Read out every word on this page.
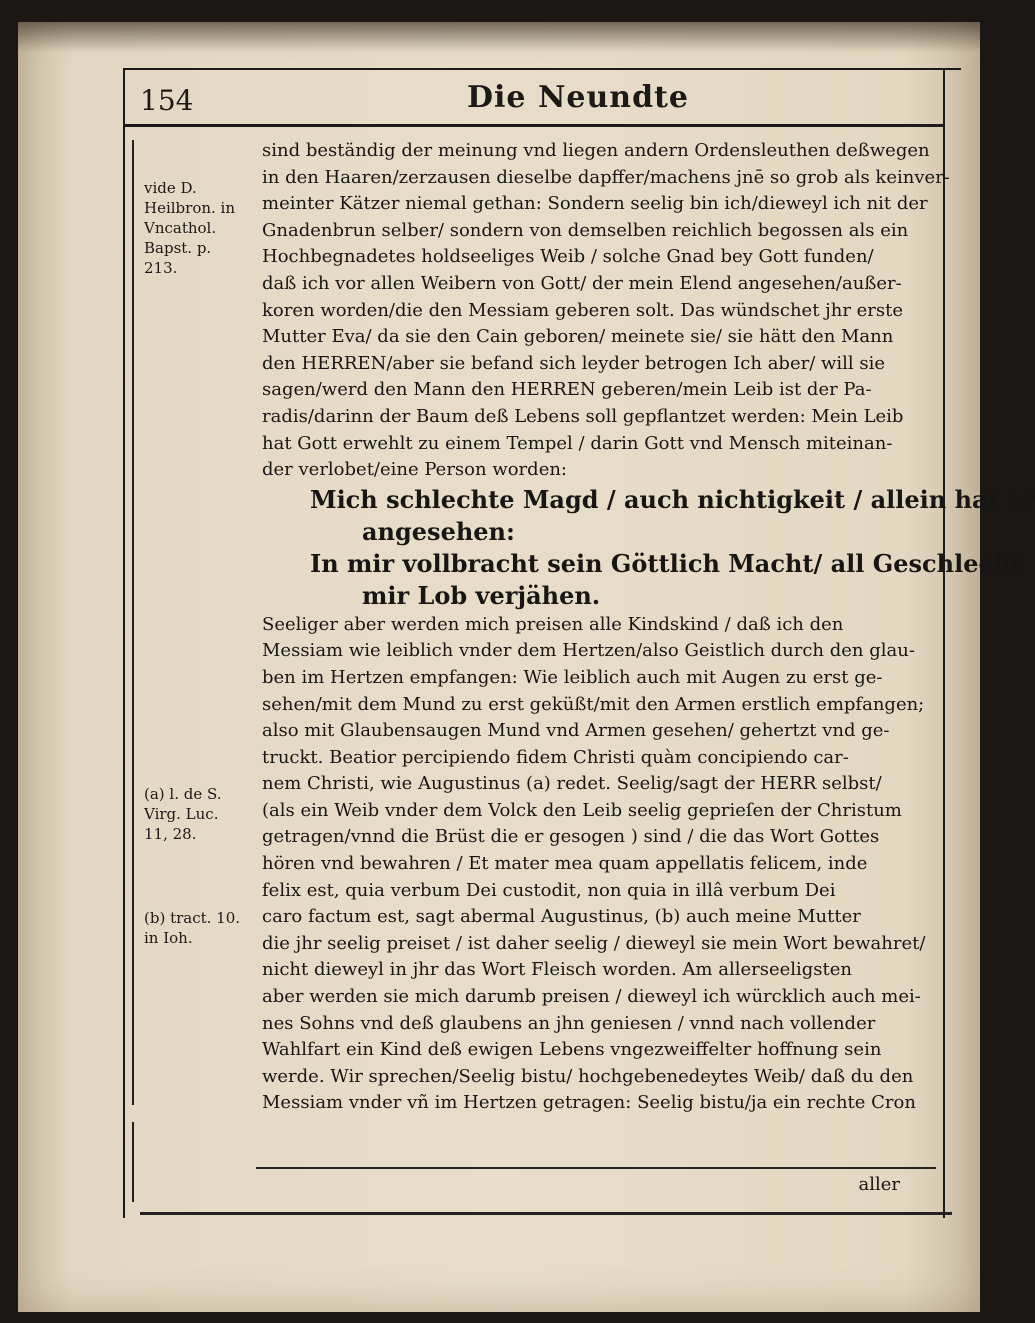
154	Die Neundte
vide D. Heilbron. in Vncathol. Bapst. p. 213.
(a) l. de S. Virg. Luc. 11, 28.
(b) tract. 10. in Ioh.
sind beständig der meinung vnd liegen andern Ordensleuthen deßwegen
in den Haaren/zerzausen dieselbe dapffer/machens jnē so grob als keinver-
meinter Kätzer niemal gethan: Sondern seelig bin ich/dieweyl ich nit der
Gnadenbrun selber/ sondern von demselben reichlich begossen als ein
Hochbegnadetes holdseeliges Weib / solche Gnad bey Gott funden/
daß ich vor allen Weibern von Gott/ der mein Elend angesehen/außer-
koren worden/die den Messiam geberen solt. Das wündschet jhr erste
Mutter Eva/ da sie den Cain geboren/ meinete sie/ sie hätt den Mann
den HERREN/aber sie befand sich leyder betrogen Ich aber/ will sie
sagen/werd den Mann den HERREN geberen/mein Leib ist der Pa-
radis/darinn der Baum deß Lebens soll gepflantzet werden: Mein Leib
hat Gott erwehlt zu einem Tempel / darin Gott vnd Mensch miteinan-
der verlobet/eine Person worden:
Mich schlechte Magd / auch nichtigkeit / allein hat er
angesehen:
In mir vollbracht sein Göttlich Macht/ all Geschlecht
mir Lob verjähen.
Seeliger aber werden mich preisen alle Kindskind / daß ich den
Messiam wie leiblich vnder dem Hertzen/also Geistlich durch den glau-
ben im Hertzen empfangen: Wie leiblich auch mit Augen zu erst ge-
sehen/mit dem Mund zu erst geküßt/mit den Armen erstlich empfangen;
also mit Glaubensaugen Mund vnd Armen gesehen/ gehertzt vnd ge-
truckt. Beatior percipiendo fidem Christi quàm concipiendo car-
nem Christi, wie Augustinus (a) redet. Seelig/sagt der HERR selbst/
(als ein Weib vnder dem Volck den Leib seelig geprieſen der Christum
getragen/vnnd die Brüst die er gesogen ) sind / die das Wort Gottes
hören vnd bewahren / Et mater mea quam appellatis felicem, inde
felix est, quia verbum Dei custodit, non quia in illâ verbum Dei
caro factum est, sagt abermal Augustinus, (b) auch meine Mutter
die jhr seelig preiset / ist daher seelig / dieweyl sie mein Wort bewahret/
nicht dieweyl in jhr das Wort Fleisch worden. Am allerseeligsten
aber werden sie mich darumb preisen / dieweyl ich würcklich auch mei-
nes Sohns vnd deß glaubens an jhn geniesen / vnnd nach vollender
Wahlfart ein Kind deß ewigen Lebens vngezweiffelter hoffnung sein
werde. Wir sprechen/Seelig bistu/ hochgebenedeytes Weib/ daß du den
Messiam vnder vñ im Hertzen getragen: Seelig bistu/ja ein rechte Cron
aller
